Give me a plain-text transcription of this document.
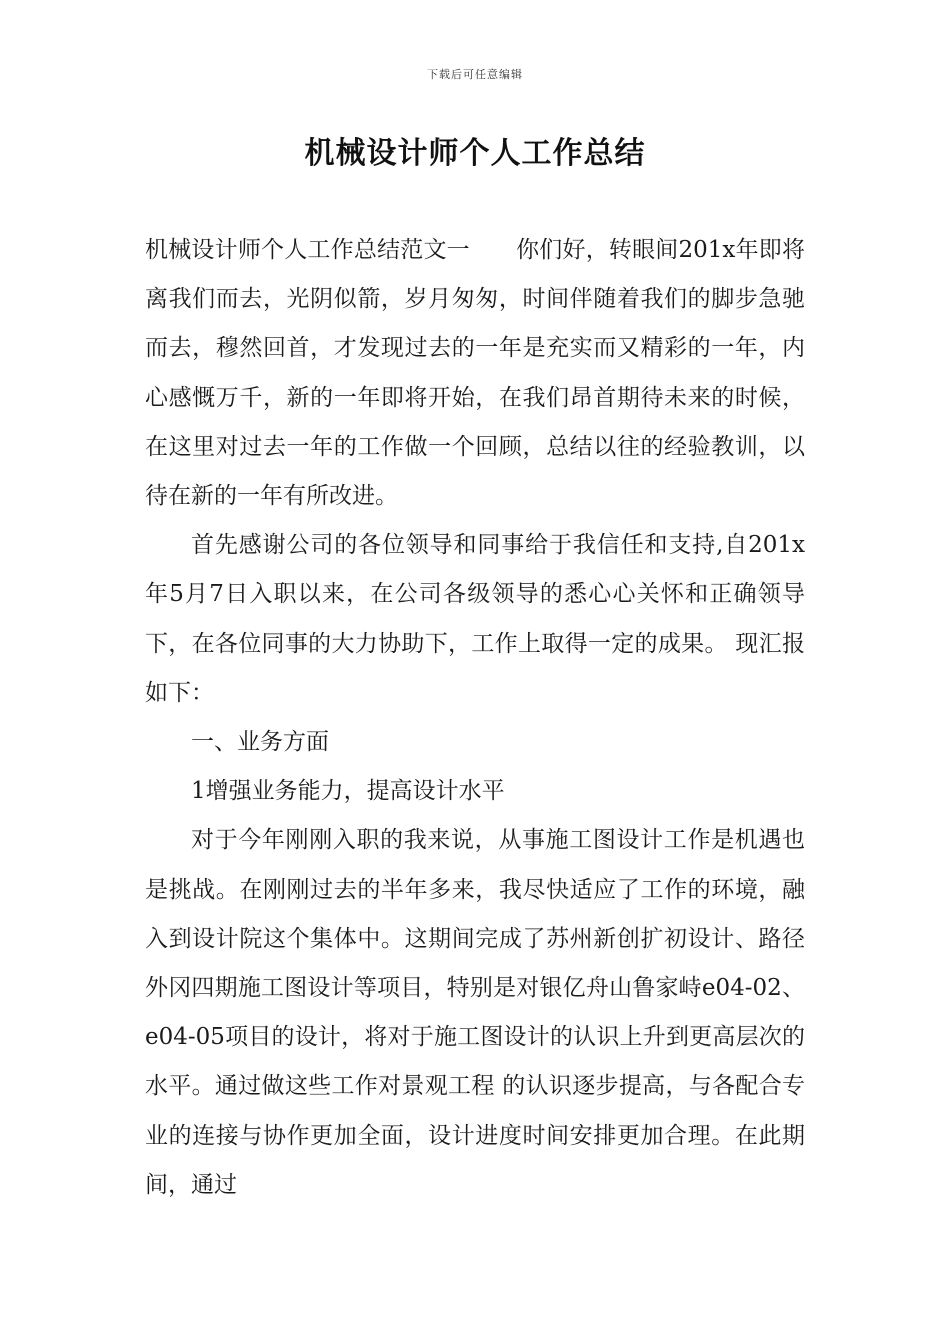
下载后可任意编辑
机械设计师个人工作总结

机械设计师个人工作总结范文一 你们好，转眼间201x年即将离我们而去，光阴似箭，岁月匆匆，时间伴随着我们的脚步急驰而去，穆然回首，才发现过去的一年是充实而又精彩的一年，内心感慨万千，新的一年即将开始，在我们昂首期待未来的时候，在这里对过去一年的工作做一个回顾，总结以往的经验教训，以待在新的一年有所改进。

首先感谢公司的各位领导和同事给于我信任和支持,自201x年5月7日入职以来，在公司各级领导的悉心心关怀和正确领导下，在各位同事的大力协助下，工作上取得一定的成果。 现汇报如下：

一、业务方面

1增强业务能力，提高设计水平

对于今年刚刚入职的我来说，从事施工图设计工作是机遇也是挑战。在刚刚过去的半年多来，我尽快适应了工作的环境，融入到设计院这个集体中。这期间完成了苏州新创扩初设计、路径外冈四期施工图设计等项目，特别是对银亿舟山鲁家峙e04-02、e04-05项目的设计，将对于施工图设计的认识上升到更高层次的水平。通过做这些工作对景观工程 的认识逐步提高，与各配合专业的连接与协作更加全面，设计进度时间安排更加合理。在此期间，通过
